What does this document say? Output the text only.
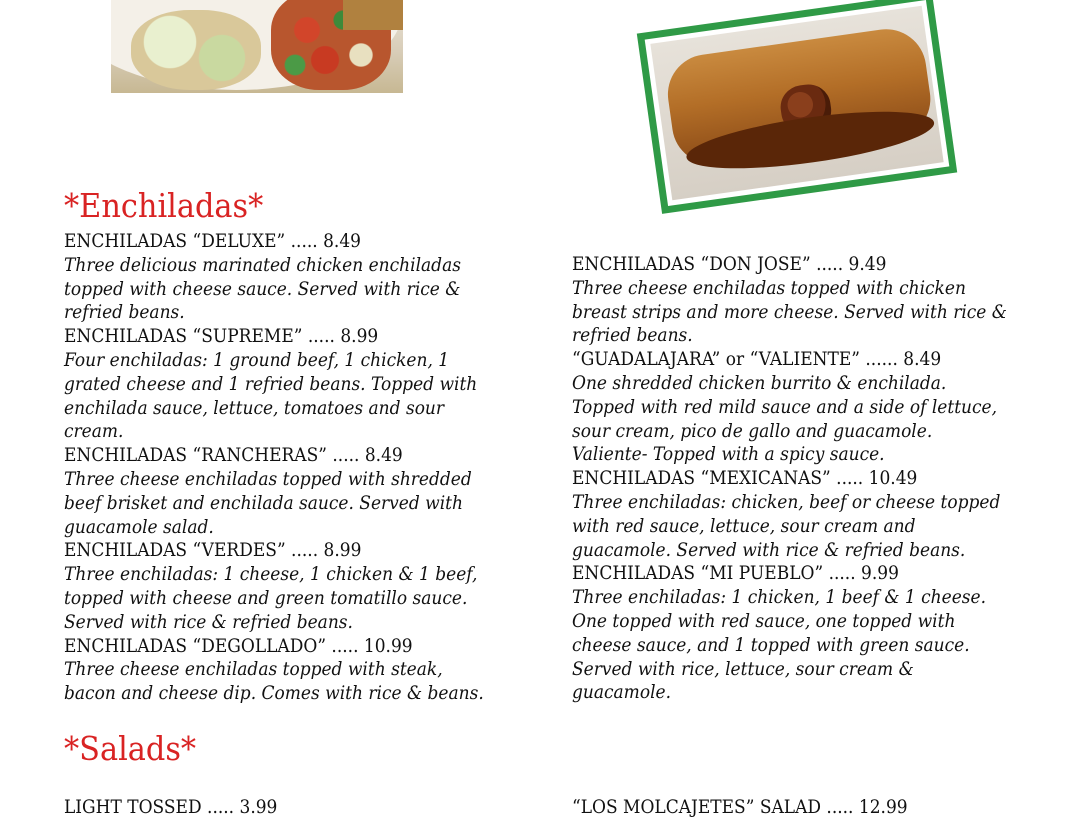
*Enchiladas*
ENCHILADAS “DELUXE” ..... 8.49
Three delicious marinated chicken enchiladas
topped with cheese sauce. Served with rice &
refried beans.
ENCHILADAS “SUPREME” ..... 8.99
Four enchiladas: 1 ground beef, 1 chicken, 1
grated cheese and 1 refried beans. Topped with
enchilada sauce, lettuce, tomatoes and sour
cream.
ENCHILADAS “RANCHERAS” ..... 8.49
Three cheese enchiladas topped with shredded
beef brisket and enchilada sauce. Served with
guacamole salad.
ENCHILADAS “VERDES” ..... 8.99
Three enchiladas: 1 cheese, 1 chicken & 1 beef,
topped with cheese and green tomatillo sauce.
Served with rice & refried beans.
ENCHILADAS “DEGOLLADO” ..... 10.99
Three cheese enchiladas topped with steak,
bacon and cheese dip. Comes with rice & beans.
ENCHILADAS “DON JOSE” ..... 9.49
Three cheese enchiladas topped with chicken
breast strips and more cheese. Served with rice &
refried beans.
“GUADALAJARA” or “VALIENTE” ...... 8.49
One shredded chicken burrito & enchilada.
Topped with red mild sauce and a side of lettuce,
sour cream, pico de gallo and guacamole.
Valiente- Topped with a spicy sauce.
ENCHILADAS “MEXICANAS” ..... 10.49
Three enchiladas: chicken, beef or cheese topped
with red sauce, lettuce, sour cream and
guacamole. Served with rice & refried beans.
ENCHILADAS “MI PUEBLO” ..... 9.99
Three enchiladas: 1 chicken, 1 beef & 1 cheese.
One topped with red sauce, one topped with
cheese sauce, and 1 topped with green sauce.
Served with rice, lettuce, sour cream &
guacamole.
*Salads*
LIGHT TOSSED ..... 3.99	“LOS MOLCAJETES” SALAD ..... 12.99
